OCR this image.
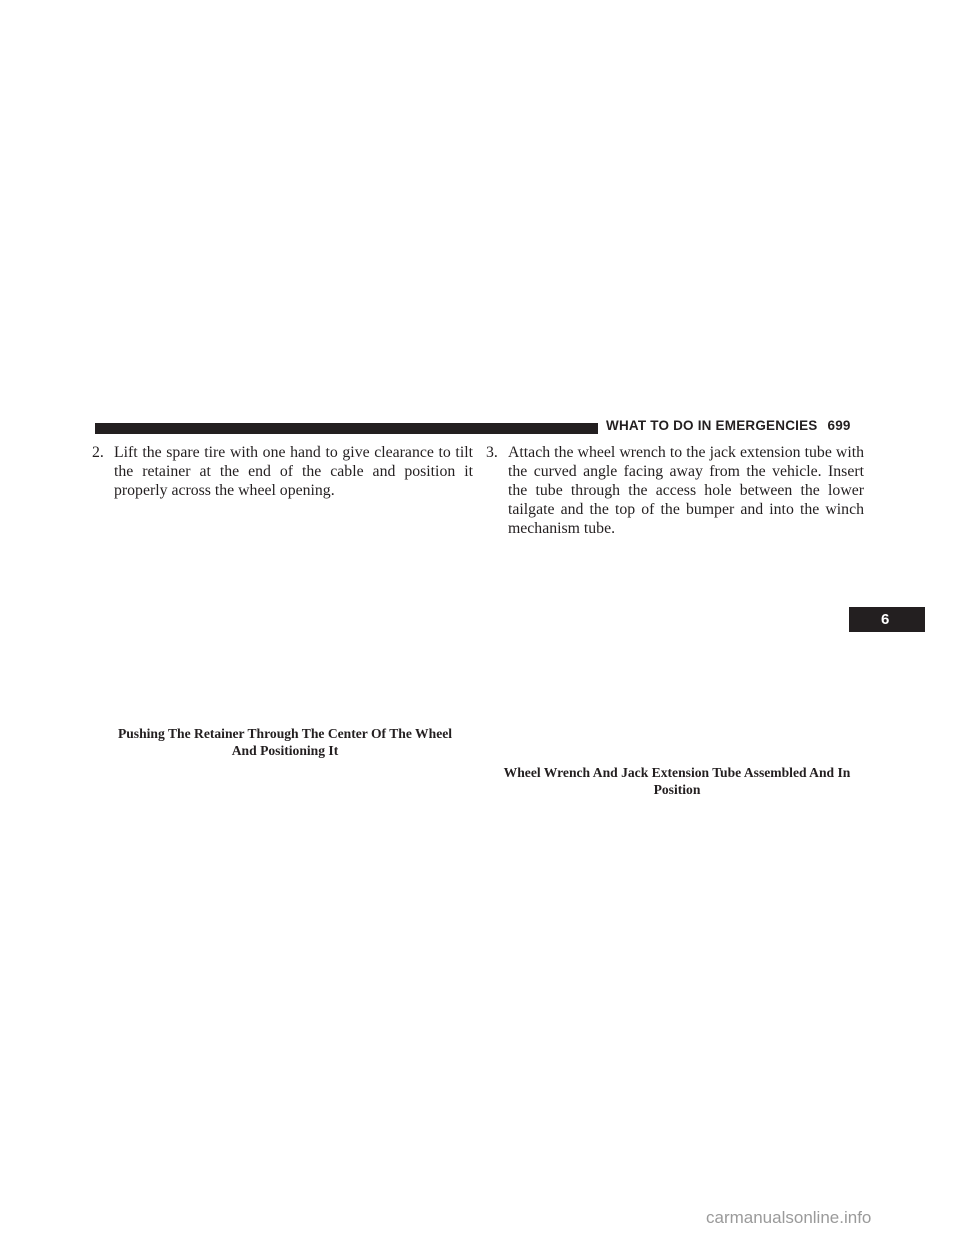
WHAT TO DO IN EMERGENCIES 699
2. Lift the spare tire with one hand to give clearance to tilt the retainer at the end of the cable and position it properly across the wheel opening.
3. Attach the wheel wrench to the jack extension tube with the curved angle facing away from the vehicle. Insert the tube through the access hole between the lower tailgate and the top of the bumper and into the winch mechanism tube.
Pushing The Retainer Through The Center Of The Wheel And Positioning It
Wheel Wrench And Jack Extension Tube Assembled And In Position
6
carmanualsonline.info
